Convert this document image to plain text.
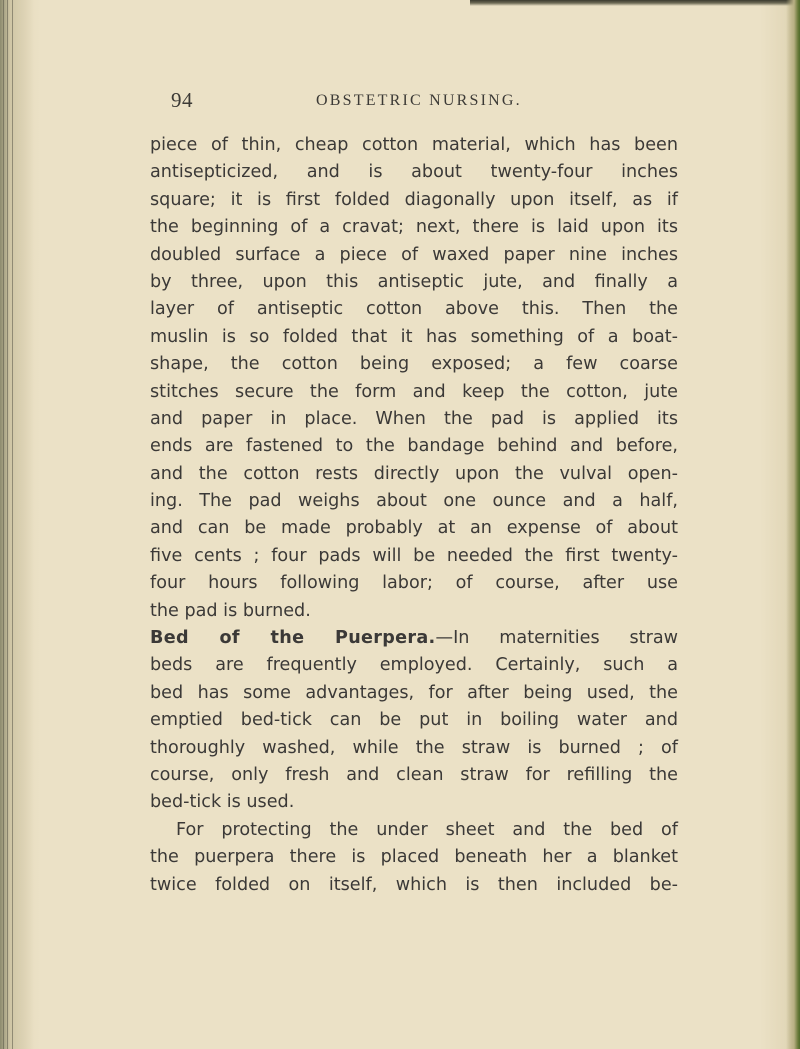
94	OBSTETRIC NURSING.
piece of thin, cheap cotton material, which has been
antisepticized, and is about twenty-four inches
square; it is first folded diagonally upon itself, as if
the beginning of a cravat; next, there is laid upon its
doubled surface a piece of waxed paper nine inches
by three, upon this antiseptic jute, and finally a
layer of antiseptic cotton above this. Then the
muslin is so folded that it has something of a boat-
shape, the cotton being exposed; a few coarse
stitches secure the form and keep the cotton, jute
and paper in place. When the pad is applied its
ends are fastened to the bandage behind and before,
and the cotton rests directly upon the vulval open-
ing. The pad weighs about one ounce and a half,
and can be made probably at an expense of about
five cents ; four pads will be needed the first twenty-
four hours following labor; of course, after use
the pad is burned.
Bed of the Puerpera.—In maternities straw
beds are frequently employed. Certainly, such a
bed has some advantages, for after being used, the
emptied bed-tick can be put in boiling water and
thoroughly washed, while the straw is burned ; of
course, only fresh and clean straw for refilling the
bed-tick is used.
For protecting the under sheet and the bed of
the puerpera there is placed beneath her a blanket
twice folded on itself, which is then included be-
